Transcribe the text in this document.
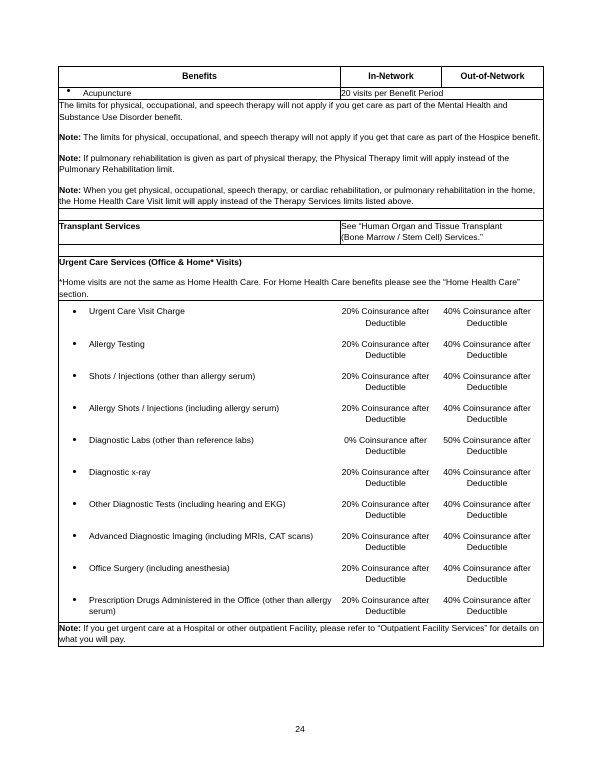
Benefits	In-Network	Out-of-Network

Acupuncture	20 visits per Benefit Period

The limits for physical, occupational, and speech therapy will not apply if you get care as part of the Mental Health and Substance Use Disorder benefit.

Note: The limits for physical, occupational, and speech therapy will not apply if you get that care as part of the Hospice benefit.

Note: If pulmonary rehabilitation is given as part of physical therapy, the Physical Therapy limit will apply instead of the Pulmonary Rehabilitation limit.

Note: When you get physical, occupational, speech therapy, or cardiac rehabilitation, or pulmonary rehabilitation in the home, the Home Health Care Visit limit will apply instead of the Therapy Services limits listed above.

Transplant Services	See “Human Organ and Tissue Transplant
(Bone Marrow / Stem Cell) Services.”

Urgent Care Services (Office & Home* Visits)

*Home visits are not the same as Home Health Care. For Home Health Care benefits please see the “Home Health Care” section.

Urgent Care Visit Charge	20% Coinsurance after Deductible	40% Coinsurance after Deductible

Allergy Testing	20% Coinsurance after Deductible	40% Coinsurance after Deductible

Shots / Injections (other than allergy serum)	20% Coinsurance after Deductible	40% Coinsurance after Deductible

Allergy Shots / Injections (including allergy serum)	20% Coinsurance after Deductible	40% Coinsurance after Deductible

Diagnostic Labs (other than reference labs)	0% Coinsurance after Deductible	50% Coinsurance after Deductible

Diagnostic x-ray	20% Coinsurance after Deductible	40% Coinsurance after Deductible

Other Diagnostic Tests (including hearing and EKG)	20% Coinsurance after Deductible	40% Coinsurance after Deductible

Advanced Diagnostic Imaging (including MRIs, CAT scans)	20% Coinsurance after Deductible	40% Coinsurance after Deductible

Office Surgery (including anesthesia)	20% Coinsurance after Deductible	40% Coinsurance after Deductible

Prescription Drugs Administered in the Office (other than allergy serum)	20% Coinsurance after Deductible	40% Coinsurance after Deductible

Note: If you get urgent care at a Hospital or other outpatient Facility, please refer to “Outpatient Facility Services” for details on what you will pay.
24
